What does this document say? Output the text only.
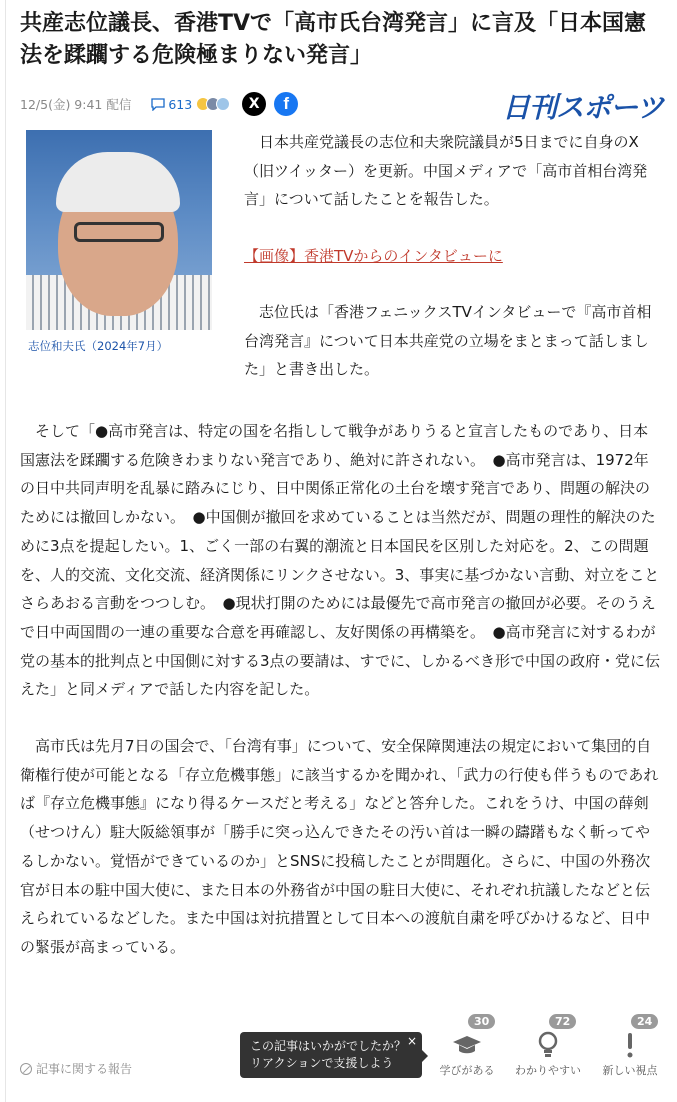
共産志位議長、香港TVで「高市氏台湾発言」に言及「日本国憲法を蹂躙する危険極まりない発言」
12/5(金) 9:41 配信	613	X	f	日刊スポーツ
志位和夫氏（2024年7月）

日本共産党議長の志位和夫衆院議員が5日までに自身のX（旧ツイッター）を更新。中国メディアで「高市首相台湾発言」について話したことを報告した。

【画像】香港TVからのインタビューに

志位氏は「香港フェニックスTVインタビューで『高市首相台湾発言』について日本共産党の立場をまとまって話しました」と書き出した。

そして「●高市発言は、特定の国を名指しして戦争がありうると宣言したものであり、日本国憲法を蹂躙する危険きわまりない発言であり、絶対に許されない。　●高市発言は、1972年の日中共同声明を乱暴に踏みにじり、日中関係正常化の土台を壊す発言であり、問題の解決のためには撤回しかない。　●中国側が撤回を求めていることは当然だが、問題の理性的解決のために3点を提起したい。1、ごく一部の右翼的潮流と日本国民を区別した対応を。2、この問題を、人的交流、文化交流、経済関係にリンクさせない。3、事実に基づかない言動、対立をことさらあおる言動をつつしむ。　●現状打開のためには最優先で高市発言の撤回が必要。そのうえで日中両国間の一連の重要な合意を再確認し、友好関係の再構築を。　●高市発言に対するわが党の基本的批判点と中国側に対する3点の要請は、すでに、しかるべき形で中国の政府・党に伝えた」と同メディアで話した内容を記した。

高市氏は先月7日の国会で、「台湾有事」について、安全保障関連法の規定において集団的自衛権行使が可能となる「存立危機事態」に該当するかを聞かれ、「武力の行使も伴うものであれば『存立危機事態』になり得るケースだと考える」などと答弁した。これをうけ、中国の薛剣（せつけん）駐大阪総領事が「勝手に突っ込んできたその汚い首は一瞬の躊躇もなく斬ってやるしかない。覚悟ができているのか」とSNSに投稿したことが問題化。さらに、中国の外務次官が日本の駐中国大使に、また日本の外務省が中国の駐日大使に、それぞれ抗議したなどと伝えられているなどした。また中国は対抗措置として日本への渡航自粛を呼びかけるなど、日中の緊張が高まっている。

記事に関する報告
×
この記事はいかがでしたか？
リアクションで支援しよう
30
学びがある
72
わかりやすい
24
新しい視点
